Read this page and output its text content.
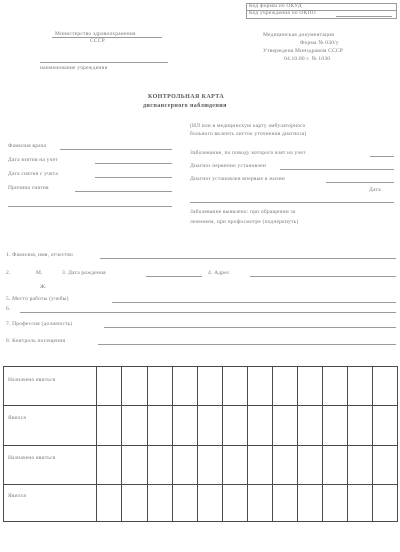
Код формы по ОКУД
Код учреждения по ОКПО
Министерство здравоохранения
СССР
наименование учреждения
Медицинская документация
Форма № 030/у
Утверждена Минздравом СССР
04.10.80 г. № 1030
КОНТРОЛЬНАЯ КАРТА
диспансерного наблюдения
Фамилия врача
Дата взятия на учет
Дата снятия с учета
Причина снятия
(ИЛ или в медицинскую карту амбулаторного
больного вклеить листок уточнения диагноза)
Заболевание, по поводу которого взят на учет
Диагноз первично установлен
Диагноз установлен впервые в жизни
Дата
Заболевание выявлено: при обращении за
лечением, при профосмотре (подчеркнуть)
1. Фамилия, имя, отчество
2.	М.
Ж.
3. Дата рождения	4. Адрес
5. Место работы (учебы)
6.
7. Профессия (должность)
8. Контроль посещения
Назначено явиться
Явился
Назначено явиться
Явился
